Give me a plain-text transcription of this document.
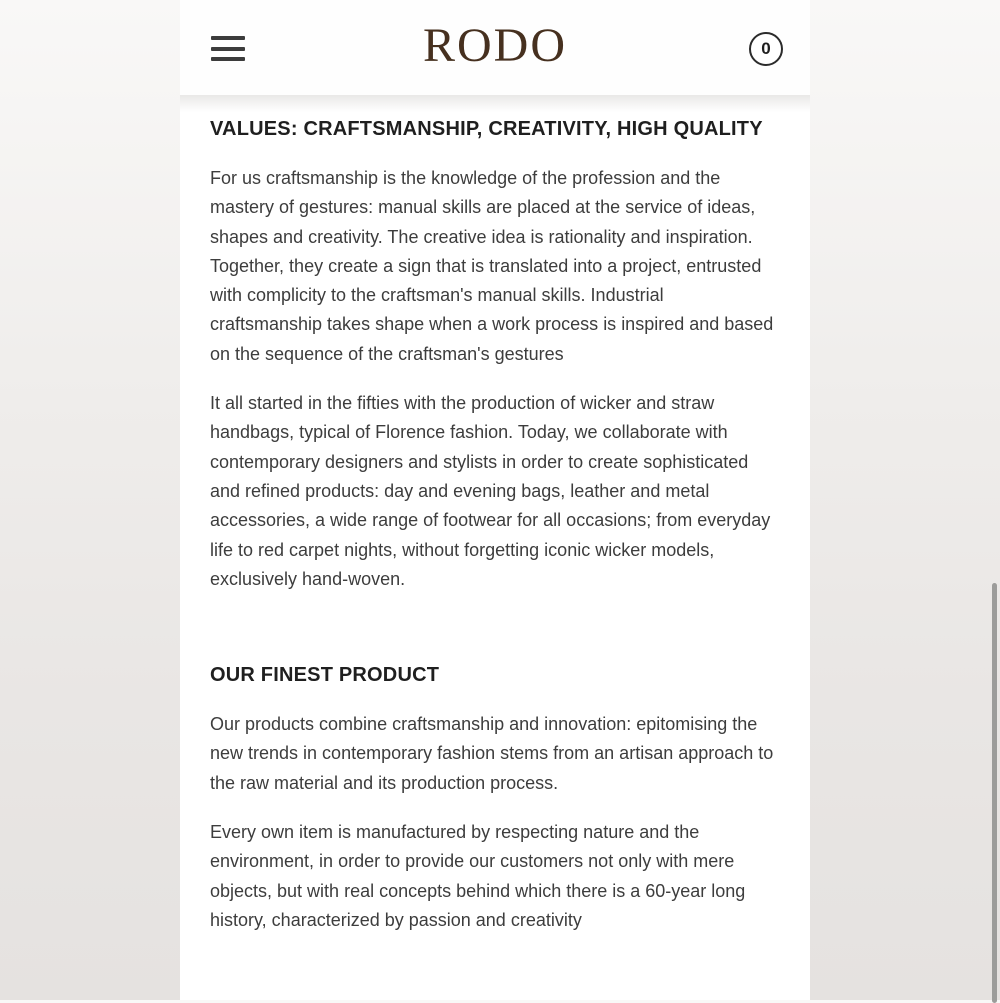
RODO	0
VALUES: CRAFTSMANSHIP, CREATIVITY, HIGH QUALITY

For us craftsmanship is the knowledge of the profession and the mastery of gestures: manual skills are placed at the service of ideas, shapes and creativity. The creative idea is rationality and inspiration. Together, they create a sign that is translated into a project, entrusted with complicity to the craftsman's manual skills. Industrial craftsmanship takes shape when a work process is inspired and based on the sequence of the craftsman's gestures

It all started in the fifties with the production of wicker and straw handbags, typical of Florence fashion. Today, we collaborate with contemporary designers and stylists in order to create sophisticated and refined products: day and evening bags, leather and metal accessories, a wide range of footwear for all occasions; from everyday life to red carpet nights, without forgetting iconic wicker models, exclusively hand-woven.

OUR FINEST PRODUCT

Our products combine craftsmanship and innovation: epitomising the new trends in contemporary fashion stems from an artisan approach to the raw material and its production process.

Every own item is manufactured by respecting nature and the environment, in order to provide our customers not only with mere objects, but with real concepts behind which there is a 60-year long history, characterized by passion and creativity
